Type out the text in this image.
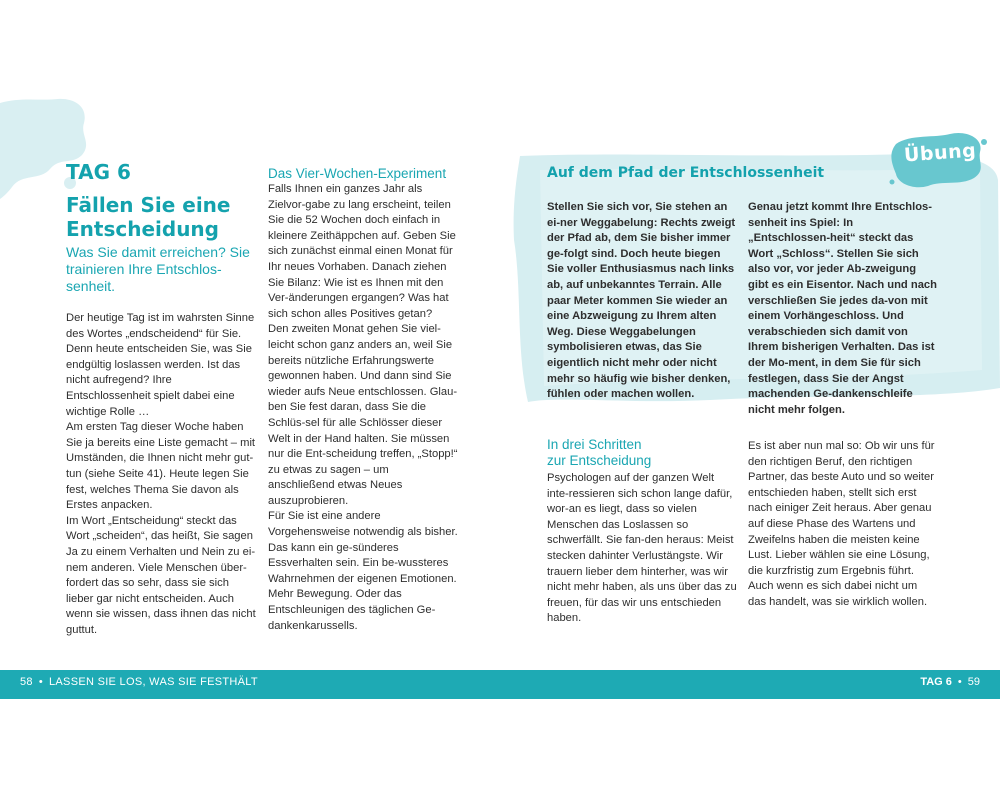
TAG 6
Fällen Sie eine Entscheidung
Was Sie damit erreichen? Sie trainieren Ihre Entschlos-senheit.

Der heutige Tag ist im wahrsten Sinne des Wortes „endscheidend“ für Sie. Denn heute entscheiden Sie, was Sie endgültig loslassen werden. Ist das nicht aufregend? Ihre Entschlossenheit spielt dabei eine wichtige Rolle …

Am ersten Tag dieser Woche haben Sie ja bereits eine Liste gemacht – mit Umständen, die Ihnen nicht mehr gut-tun (siehe Seite 41). Heute legen Sie fest, welches Thema Sie davon als Erstes anpacken.

Im Wort „Entscheidung“ steckt das Wort „scheiden“, das heißt, Sie sagen Ja zu einem Verhalten und Nein zu ei-nem anderen. Viele Menschen über-fordert das so sehr, dass sie sich lieber gar nicht entscheiden. Auch wenn sie wissen, dass ihnen das nicht guttut.

Das Vier-Wochen-Experiment

Falls Ihnen ein ganzes Jahr als Zielvor-gabe zu lang erscheint, teilen Sie die 52 Wochen doch einfach in kleinere Zeithäppchen auf. Geben Sie sich zunächst einmal einen Monat für Ihr neues Vorhaben. Danach ziehen Sie Bilanz: Wie ist es Ihnen mit den Ver-änderungen ergangen? Was hat sich schon alles Positives getan?

Den zweiten Monat gehen Sie viel-leicht schon ganz anders an, weil Sie bereits nützliche Erfahrungswerte gewonnen haben. Und dann sind Sie wieder aufs Neue entschlossen. Glau-ben Sie fest daran, dass Sie die Schlüs-sel für alle Schlösser dieser Welt in der Hand halten. Sie müssen nur die Ent-scheidung treffen, „Stopp!“ zu etwas zu sagen – um anschließend etwas Neues auszuprobieren.

Für Sie ist eine andere Vorgehensweise notwendig als bisher. Das kann ein ge-sünderes Essverhalten sein. Ein be-wussteres Wahrnehmen der eigenen Emotionen. Mehr Bewegung. Oder das Entschleunigen des täglichen Ge-dankenkarussells.

Übung
Auf dem Pfad der Entschlossenheit
Stellen Sie sich vor, Sie stehen an ei-ner Weggabelung: Rechts zweigt der Pfad ab, dem Sie bisher immer ge-folgt sind. Doch heute biegen Sie voller Enthusiasmus nach links ab, auf unbekanntes Terrain. Alle paar Meter kommen Sie wieder an eine Abzweigung zu Ihrem alten Weg. Diese Weggabelungen symbolisieren etwas, das Sie eigentlich nicht mehr oder nicht mehr so häufig wie bisher denken, fühlen oder machen wollen.
Genau jetzt kommt Ihre Entschlos-senheit ins Spiel: In „Entschlossen-heit“ steckt das Wort „Schloss“. Stellen Sie sich also vor, vor jeder Ab-zweigung gibt es ein Eisentor. Nach und nach verschließen Sie jedes da-von mit einem Vorhängeschloss. Und verabschieden sich damit von Ihrem bisherigen Verhalten. Das ist der Mo-ment, in dem Sie für sich festlegen, dass Sie der Angst machenden Ge-dankenschleife nicht mehr folgen.
In drei Schritten
zur Entscheidung
Psychologen auf der ganzen Welt inte-ressieren sich schon lange dafür, wor-an es liegt, dass so vielen Menschen das Loslassen so schwerfällt. Sie fan-den heraus: Meist stecken dahinter Verlustängste. Wir trauern lieber dem hinterher, was wir nicht mehr haben, als uns über das zu freuen, für das wir uns entschieden haben.
Es ist aber nun mal so: Ob wir uns für den richtigen Beruf, den richtigen Partner, das beste Auto und so weiter entschieden haben, stellt sich erst nach einiger Zeit heraus. Aber genau auf diese Phase des Wartens und Zweifelns haben die meisten keine Lust. Lieber wählen sie eine Lösung, die kurzfristig zum Ergebnis führt. Auch wenn es sich dabei nicht um das handelt, was sie wirklich wollen.
58 • LASSEN SIE LOS, WAS SIE FESTHÄLT	TAG 6 • 59
